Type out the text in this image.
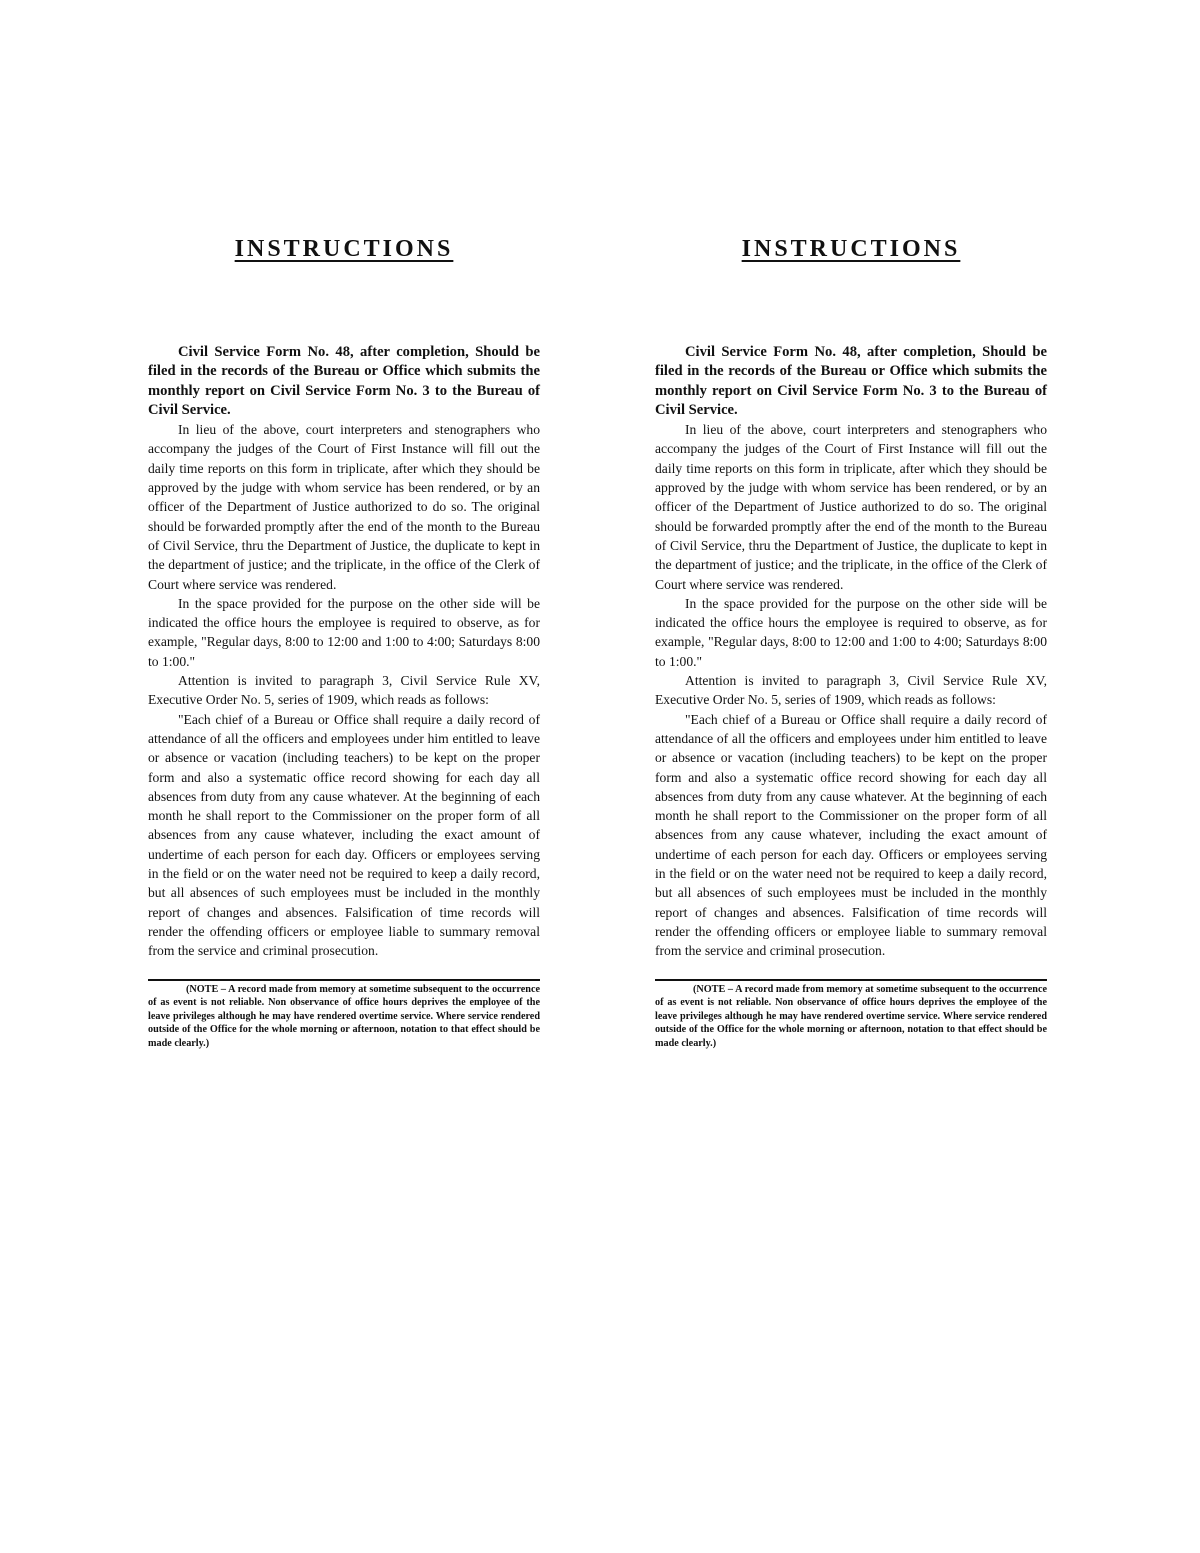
INSTRUCTIONS

Civil Service Form No. 48, after completion, Should be filed in the records of the Bureau or Office which submits the monthly report on Civil Service Form No. 3 to the Bureau of Civil Service.

In lieu of the above, court interpreters and stenographers who accompany the judges of the Court of First Instance will fill out the daily time reports on this form in triplicate, after which they should be approved by the judge with whom service has been rendered, or by an officer of the Department of Justice authorized to do so. The original should be forwarded promptly after the end of the month to the Bureau of Civil Service, thru the Department of Justice, the duplicate to kept in the department of justice; and the triplicate, in the office of the Clerk of Court where service was rendered.

In the space provided for the purpose on the other side will be indicated the office hours the employee is required to observe, as for example, "Regular days, 8:00 to 12:00 and 1:00 to 4:00; Saturdays 8:00 to 1:00."

Attention is invited to paragraph 3, Civil Service Rule XV, Executive Order No. 5, series of 1909, which reads as follows:

"Each chief of a Bureau or Office shall require a daily record of attendance of all the officers and employees under him entitled to leave or absence or vacation (including teachers) to be kept on the proper form and also a systematic office record showing for each day all absences from duty from any cause whatever. At the beginning of each month he shall report to the Commissioner on the proper form of all absences from any cause whatever, including the exact amount of undertime of each person for each day. Officers or employees serving in the field or on the water need not be required to keep a daily record, but all absences of such employees must be included in the monthly report of changes and absences. Falsification of time records will render the offending officers or employee liable to summary removal from the service and criminal prosecution.

(NOTE – A record made from memory at sometime subsequent to the occurrence of as event is not reliable. Non observance of office hours deprives the employee of the leave privileges although he may have rendered overtime service. Where service rendered outside of the Office for the whole morning or afternoon, notation to that effect should be made clearly.)

INSTRUCTIONS

Civil Service Form No. 48, after completion, Should be filed in the records of the Bureau or Office which submits the monthly report on Civil Service Form No. 3 to the Bureau of Civil Service.

In lieu of the above, court interpreters and stenographers who accompany the judges of the Court of First Instance will fill out the daily time reports on this form in triplicate, after which they should be approved by the judge with whom service has been rendered, or by an officer of the Department of Justice authorized to do so. The original should be forwarded promptly after the end of the month to the Bureau of Civil Service, thru the Department of Justice, the duplicate to kept in the department of justice; and the triplicate, in the office of the Clerk of Court where service was rendered.

In the space provided for the purpose on the other side will be indicated the office hours the employee is required to observe, as for example, "Regular days, 8:00 to 12:00 and 1:00 to 4:00; Saturdays 8:00 to 1:00."

Attention is invited to paragraph 3, Civil Service Rule XV, Executive Order No. 5, series of 1909, which reads as follows:

"Each chief of a Bureau or Office shall require a daily record of attendance of all the officers and employees under him entitled to leave or absence or vacation (including teachers) to be kept on the proper form and also a systematic office record showing for each day all absences from duty from any cause whatever. At the beginning of each month he shall report to the Commissioner on the proper form of all absences from any cause whatever, including the exact amount of undertime of each person for each day. Officers or employees serving in the field or on the water need not be required to keep a daily record, but all absences of such employees must be included in the monthly report of changes and absences. Falsification of time records will render the offending officers or employee liable to summary removal from the service and criminal prosecution.

(NOTE – A record made from memory at sometime subsequent to the occurrence of as event is not reliable. Non observance of office hours deprives the employee of the leave privileges although he may have rendered overtime service. Where service rendered outside of the Office for the whole morning or afternoon, notation to that effect should be made clearly.)
